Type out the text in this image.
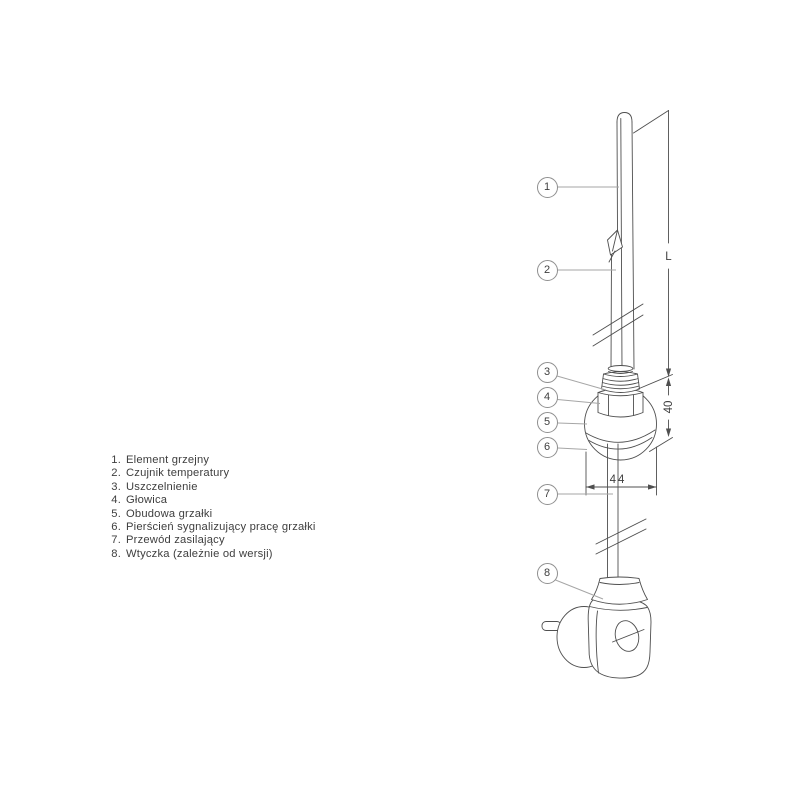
L
40
44
1
2
3
4
5
6
7
8
1. Element grzejny
2. Czujnik temperatury
3. Uszczelnienie
4. Głowica
5. Obudowa grzałki
6. Pierścień sygnalizujący pracę grzałki
7. Przewód zasilający
8. Wtyczka (zależnie od wersji)
